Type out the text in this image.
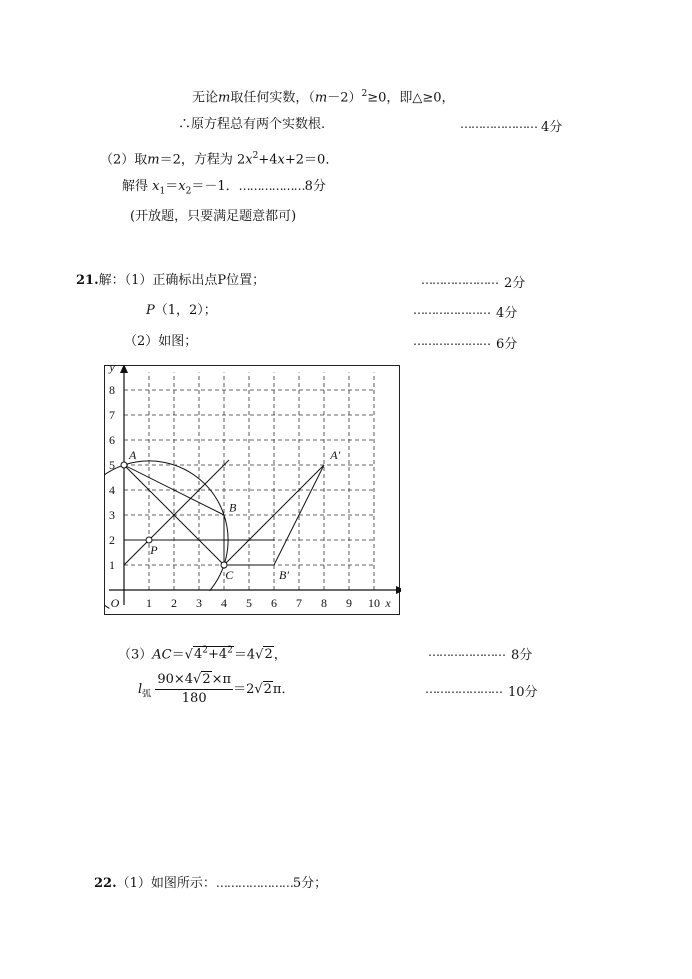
无论m取任何实数，$(m-2)^2\ge 0$，即△≥0，
∴原方程总有两个实数根.	………………… 4分
（2）取m＝2，方程为 $2x^2+4x+2=0$．
解得 $x_1=x_2=-1$．………………8分
(开放题，只要满足题意都可)
21.解：（1）正确标出点P位置；	………………… 2分
P（1，2）；	………………… 4分
（2）如图；	………………… 6分
1 2 3 4 5 6 7 8 9 10
1
2
3
4
5
6
7
8
O
y
x
A
B
C
P
A′
B′
$(3)AC=√4^2+4^2=4√2$，	………………… 8分
$l_弧 \frac{90\times 4√2\times\pi}{180} =2√2\pi$．	………………… 10分
22.（1）如图所示：…………………5分；
